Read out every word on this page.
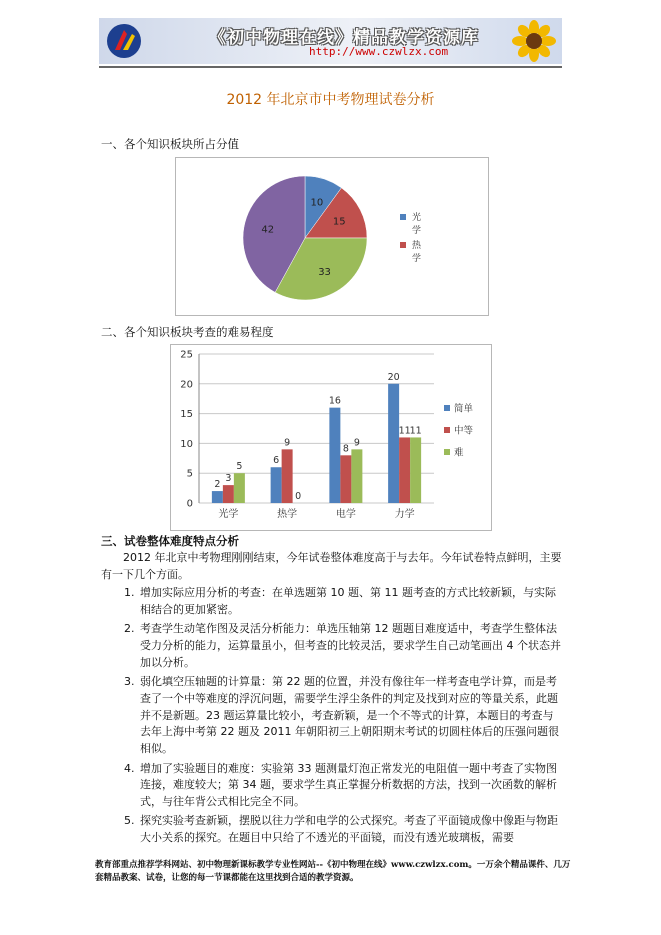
《初中物理在线》精品教学资源库
http://www.czwlzx.com
2012 年北京市中考物理试卷分析
一、各个知识板块所占分值
10
15
33
42
光
学
热
学
二、各个知识板块考查的难易程度
0
5
10
15
20
25
2
3
5
光学
6
9
0
热学
16
8
9
电学
20
11
11
力学
简单
中等
难
三、试卷整体难度特点分析
2012 年北京中考物理刚刚结束，今年试卷整体难度高于与去年。今年试卷特点鲜明，主要有一下几个方面。
1. 增加实际应用分析的考查：在单选题第 10 题、第 11 题考查的方式比较新颖，与实际相结合的更加紧密。
2. 考查学生动笔作图及灵活分析能力：单选压轴第 12 题题目难度适中，考查学生整体法受力分析的能力，运算量虽小，但考查的比较灵活，要求学生自己动笔画出 4 个状态并加以分析。
3. 弱化填空压轴题的计算量：第 22 题的位置，并没有像往年一样考查电学计算，而是考查了一个中等难度的浮沉问题，需要学生浮尘条件的判定及找到对应的等量关系，此题并不是新题。23 题运算量比较小，考查新颖，是一个不等式的计算，本题目的考查与去年上海中考第 22 题及 2011 年朝阳初三上朝阳期末考试的切圆柱体后的压强问题很相似。
4. 增加了实验题目的难度：实验第 33 题测量灯泡正常发光的电阻值一题中考查了实物图连接，难度较大；第 34 题，要求学生真正掌握分析数据的方法，找到一次函数的解析式，与往年背公式相比完全不同。
5. 探究实验考查新颖，摆脱以往力学和电学的公式探究。考查了平面镜成像中像距与物距大小关系的探究。在题目中只给了不透光的平面镜，而没有透光玻璃板，需要
教育部重点推荐学科网站、初中物理新课标教学专业性网站--《初中物理在线》www.czwlzx.com。一万余个精品课件、几万套精品教案、试卷，让您的每一节课都能在这里找到合适的教学资源。
